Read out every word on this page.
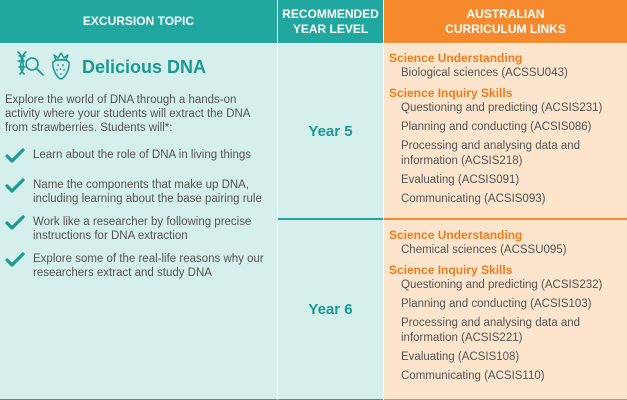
EXCURSION TOPIC
RECOMMENDED
YEAR LEVEL
AUSTRALIAN
CURRICULUM LINKS
Delicious DNA
Explore the world of DNA through a hands-on activity where your students will extract the DNA from strawberries. Students will*:
Learn about the role of DNA in living things
Name the components that make up DNA, including learning about the base pairing rule
Work like a researcher by following precise instructions for DNA extraction
Explore some of the real-life reasons why our researchers extract and study DNA
Year 5
Year 6
Science Understanding
Biological sciences (ACSSU043)
Science Inquiry Skills
Questioning and predicting (ACSIS231)
Planning and conducting (ACSIS086)
Processing and analysing data and information (ACSIS218)
Evaluating (ACSIS091)
Communicating (ACSIS093)
Science Understanding
Chemical sciences (ACSSU095)
Science Inquiry Skills
Questioning and predicting (ACSIS232)
Planning and conducting (ACSIS103)
Processing and analysing data and information (ACSIS221)
Evaluating (ACSIS108)
Communicating (ACSIS110)
